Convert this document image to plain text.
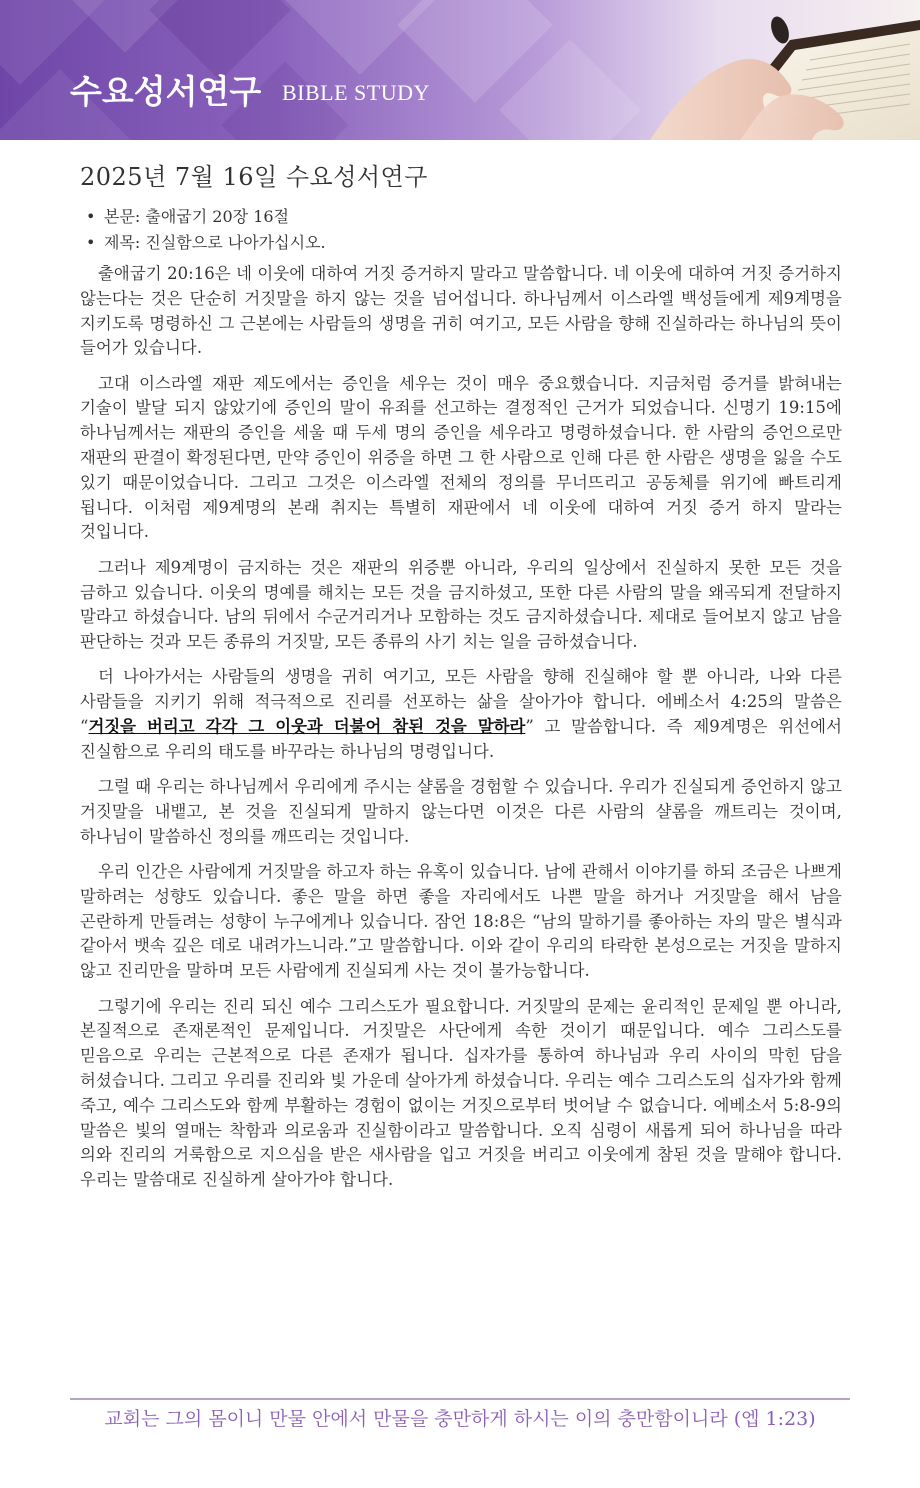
수요성서연구 BIBLE STUDY
2025년 7월 16일 수요성서연구
• 본문: 출애굽기 20장 16절
• 제목: 진실함으로 나아가십시오.

출애굽기 20:16은 네 이웃에 대하여 거짓 증거하지 말라고 말씀합니다. 네 이웃에 대하여 거짓 증거하지 않는다는 것은 단순히 거짓말을 하지 않는 것을 넘어섭니다. 하나님께서 이스라엘 백성들에게 제9계명을 지키도록 명령하신 그 근본에는 사람들의 생명을 귀히 여기고, 모든 사람을 향해 진실하라는 하나님의 뜻이 들어가 있습니다.

고대 이스라엘 재판 제도에서는 증인을 세우는 것이 매우 중요했습니다. 지금처럼 증거를 밝혀내는 기술이 발달 되지 않았기에 증인의 말이 유죄를 선고하는 결정적인 근거가 되었습니다. 신명기 19:15에 하나님께서는 재판의 증인을 세울 때 두세 명의 증인을 세우라고 명령하셨습니다. 한 사람의 증언으로만 재판의 판결이 확정된다면, 만약 증인이 위증을 하면 그 한 사람으로 인해 다른 한 사람은 생명을 잃을 수도 있기 때문이었습니다. 그리고 그것은 이스라엘 전체의 정의를 무너뜨리고 공동체를 위기에 빠트리게 됩니다. 이처럼 제9계명의 본래 취지는 특별히 재판에서 네 이웃에 대하여 거짓 증거 하지 말라는 것입니다.

그러나 제9계명이 금지하는 것은 재판의 위증뿐 아니라, 우리의 일상에서 진실하지 못한 모든 것을 금하고 있습니다. 이웃의 명예를 해치는 모든 것을 금지하셨고, 또한 다른 사람의 말을 왜곡되게 전달하지 말라고 하셨습니다. 남의 뒤에서 수군거리거나 모함하는 것도 금지하셨습니다. 제대로 들어보지 않고 남을 판단하는 것과 모든 종류의 거짓말, 모든 종류의 사기 치는 일을 금하셨습니다.

더 나아가서는 사람들의 생명을 귀히 여기고, 모든 사람을 향해 진실해야 할 뿐 아니라, 나와 다른 사람들을 지키기 위해 적극적으로 진리를 선포하는 삶을 살아가야 합니다. 에베소서 4:25의 말씀은 “거짓을 버리고 각각 그 이웃과 더불어 참된 것을 말하라” 고 말씀합니다. 즉 제9계명은 위선에서 진실함으로 우리의 태도를 바꾸라는 하나님의 명령입니다.

그럴 때 우리는 하나님께서 우리에게 주시는 샬롬을 경험할 수 있습니다. 우리가 진실되게 증언하지 않고 거짓말을 내뱉고, 본 것을 진실되게 말하지 않는다면 이것은 다른 사람의 샬롬을 깨트리는 것이며, 하나님이 말씀하신 정의를 깨뜨리는 것입니다.

우리 인간은 사람에게 거짓말을 하고자 하는 유혹이 있습니다. 남에 관해서 이야기를 하되 조금은 나쁘게 말하려는 성향도 있습니다. 좋은 말을 하면 좋을 자리에서도 나쁜 말을 하거나 거짓말을 해서 남을 곤란하게 만들려는 성향이 누구에게나 있습니다. 잠언 18:8은 “남의 말하기를 좋아하는 자의 말은 별식과 같아서 뱃속 깊은 데로 내려가느니라.”고 말씀합니다. 이와 같이 우리의 타락한 본성으로는 거짓을 말하지 않고 진리만을 말하며 모든 사람에게 진실되게 사는 것이 불가능합니다.

그렇기에 우리는 진리 되신 예수 그리스도가 필요합니다. 거짓말의 문제는 윤리적인 문제일 뿐 아니라, 본질적으로 존재론적인 문제입니다. 거짓말은 사단에게 속한 것이기 때문입니다. 예수 그리스도를 믿음으로 우리는 근본적으로 다른 존재가 됩니다. 십자가를 통하여 하나님과 우리 사이의 막힌 담을 허셨습니다. 그리고 우리를 진리와 빛 가운데 살아가게 하셨습니다. 우리는 예수 그리스도의 십자가와 함께 죽고, 예수 그리스도와 함께 부활하는 경험이 없이는 거짓으로부터 벗어날 수 없습니다. 에베소서 5:8-9의 말씀은 빛의 열매는 착함과 의로움과 진실함이라고 말씀합니다. 오직 심령이 새롭게 되어 하나님을 따라 의와 진리의 거룩함으로 지으심을 받은 새사람을 입고 거짓을 버리고 이웃에게 참된 것을 말해야 합니다. 우리는 말씀대로 진실하게 살아가야 합니다.

교회는 그의 몸이니 만물 안에서 만물을 충만하게 하시는 이의 충만함이니라 (엡 1:23)
